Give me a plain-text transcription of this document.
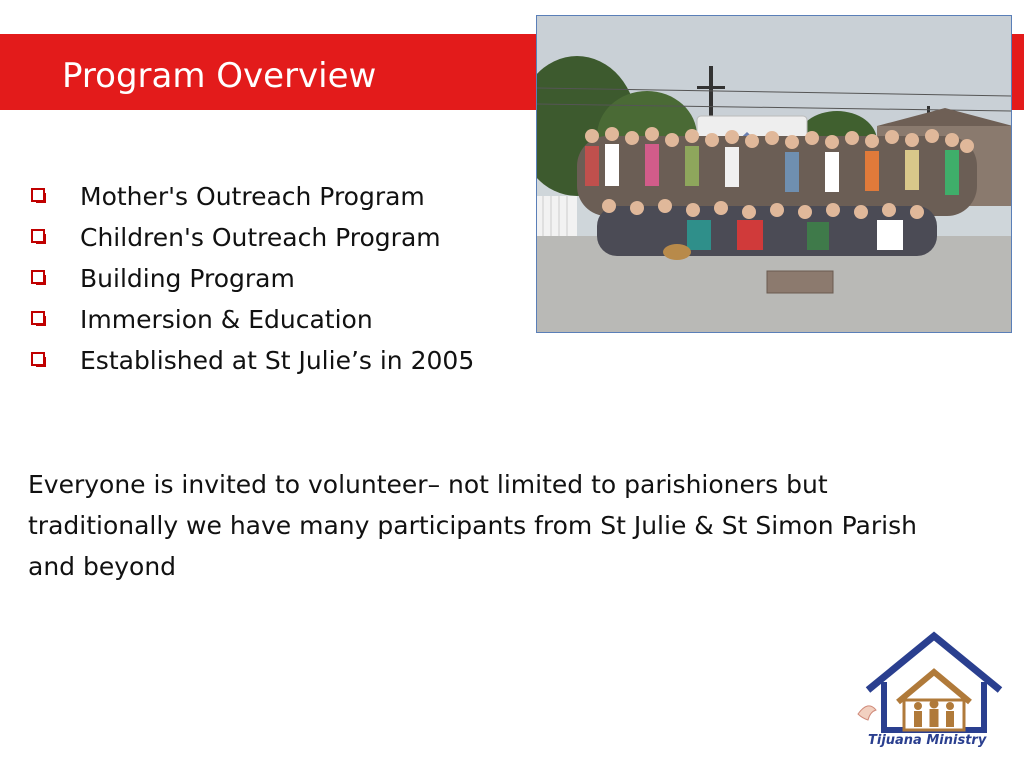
Program Overview
Mother's Outreach Program
Children's Outreach Program
Building Program
Immersion & Education
Established at St Julie’s in 2005

Everyone is invited to volunteer– not limited to parishioners but traditionally we have many participants from St Julie & St Simon Parish and beyond

Tijuana Ministry
